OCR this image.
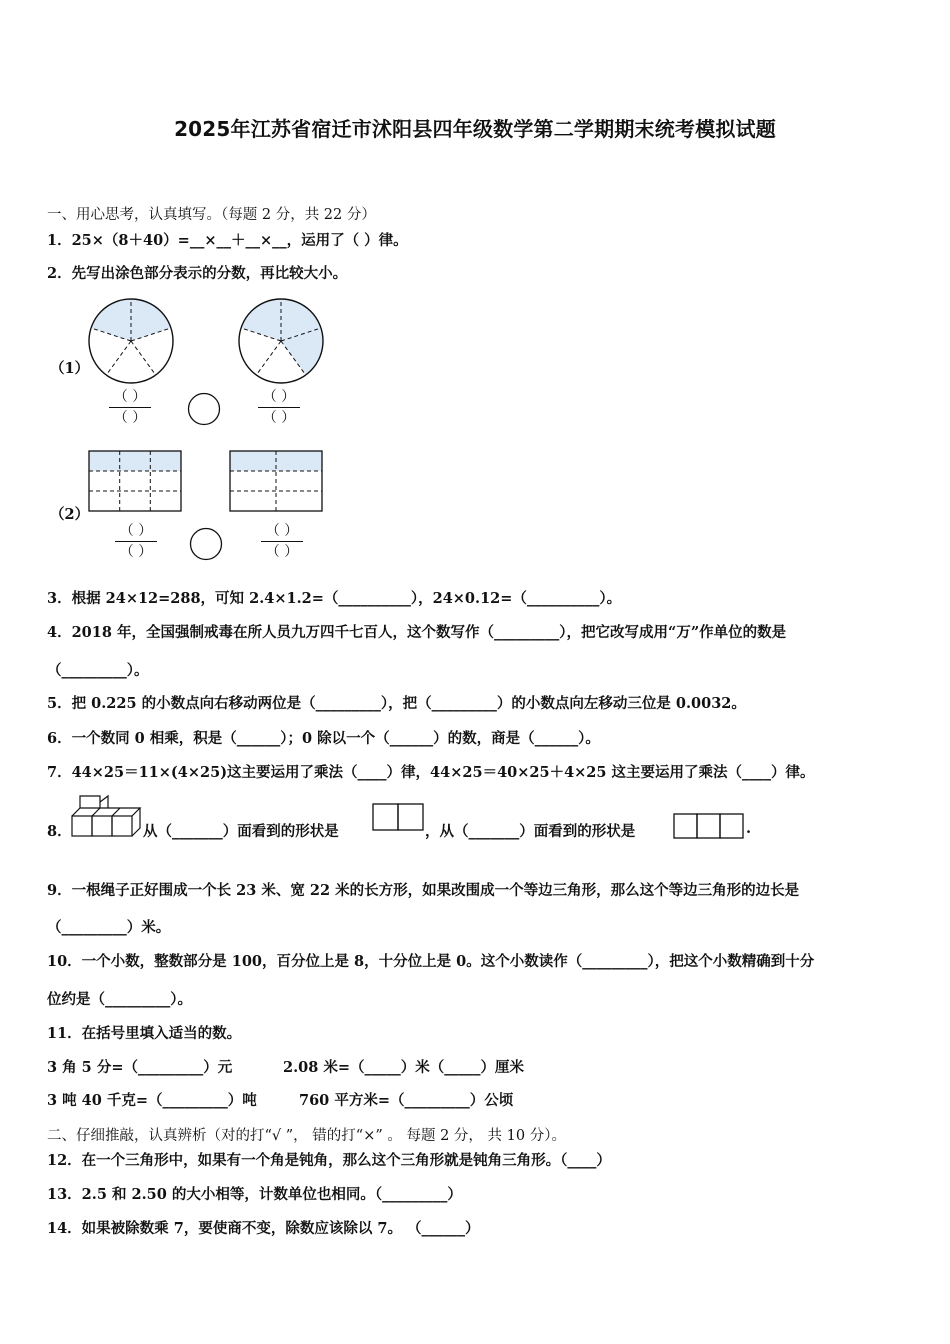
2025年江苏省宿迁市沭阳县四年级数学第二学期期末统考模拟试题
一、用心思考，认真填写。（每题 2 分，共 22 分）
1．25×（8＋40）=__×__＋__×__，运用了（ ）律。
2．先写出涂色部分表示的分数，再比较大小。
（1）
（ ）
（ ）
（ ）
（ ）
（2）
（ ）
（ ）
（ ）
（ ）
3．根据 24×12=288，可知 2.4×1.2=（__________），24×0.12=（__________）。
4．2018 年，全国强制戒毒在所人员九万四千七百人，这个数写作（_________），把它改写成用“万”作单位的数是
（_________）。
5．把 0.225 的小数点向右移动两位是（_________），把（_________）的小数点向左移动三位是 0.0032。
6．一个数同 0 相乘，积是（______）；0 除以一个（______）的数，商是（______）。
7．44×25＝11×(4×25)这主要运用了乘法（____）律，44×25＝40×25＋4×25 这主要运用了乘法（____）律。
8．	从（_______）面看到的形状是	，从（_______）面看到的形状是	.
9．一根绳子正好围成一个长 23 米、宽 22 米的长方形，如果改围成一个等边三角形，那么这个等边三角形的边长是
（_________）米。
10．一个小数，整数部分是 100，百分位上是 8，十分位上是 0。这个小数读作（_________），把这个小数精确到十分
位约是（_________）。
11．在括号里填入适当的数。
3 角 5 分=（_________）元	2.08 米=（_____）米（_____）厘米
3 吨 40 千克=（_________）吨	760 平方米=（_________）公顷
二、仔细推敲，认真辨析（对的打“√ ”， 错的打“×” 。 每题 2 分， 共 10 分）。
12．在一个三角形中，如果有一个角是钝角，那么这个三角形就是钝角三角形。（____）
13．2.5 和 2.50 的大小相等，计数单位也相同。（_________）
14．如果被除数乘 7，要使商不变，除数应该除以 7。 （______）
